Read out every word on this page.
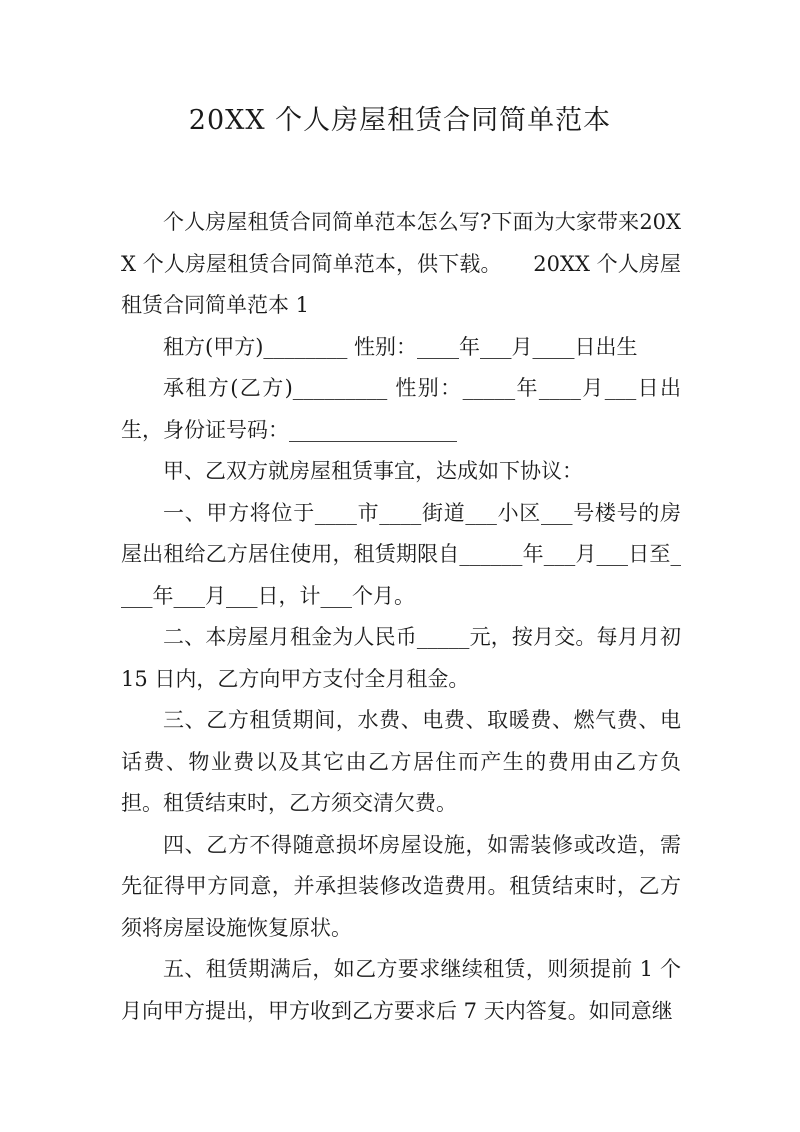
20XX 个人房屋租赁合同简单范本

个人房屋租赁合同简单范本怎么写?下面为大家带来20XX 个人房屋租赁合同简单范本，供下载。　　20XX 个人房屋租赁合同简单范本 1

租方(甲方)________ 性别：____年___月____日出生

承租方(乙方)_________ 性别：_____年____月___日出生，身份证号码：________________

甲、乙双方就房屋租赁事宜，达成如下协议：

一、甲方将位于____市____街道___小区___号楼号的房屋出租给乙方居住使用，租赁期限自______年___月___日至____年___月___日，计___个月。

二、本房屋月租金为人民币_____元，按月交。每月月初 15 日内，乙方向甲方支付全月租金。

三、乙方租赁期间，水费、电费、取暖费、燃气费、电话费、物业费以及其它由乙方居住而产生的费用由乙方负担。租赁结束时，乙方须交清欠费。

四、乙方不得随意损坏房屋设施，如需装修或改造，需先征得甲方同意，并承担装修改造费用。租赁结束时，乙方须将房屋设施恢复原状。

五、租赁期满后，如乙方要求继续租赁，则须提前 1 个月向甲方提出，甲方收到乙方要求后 7 天内答复。如同意继
